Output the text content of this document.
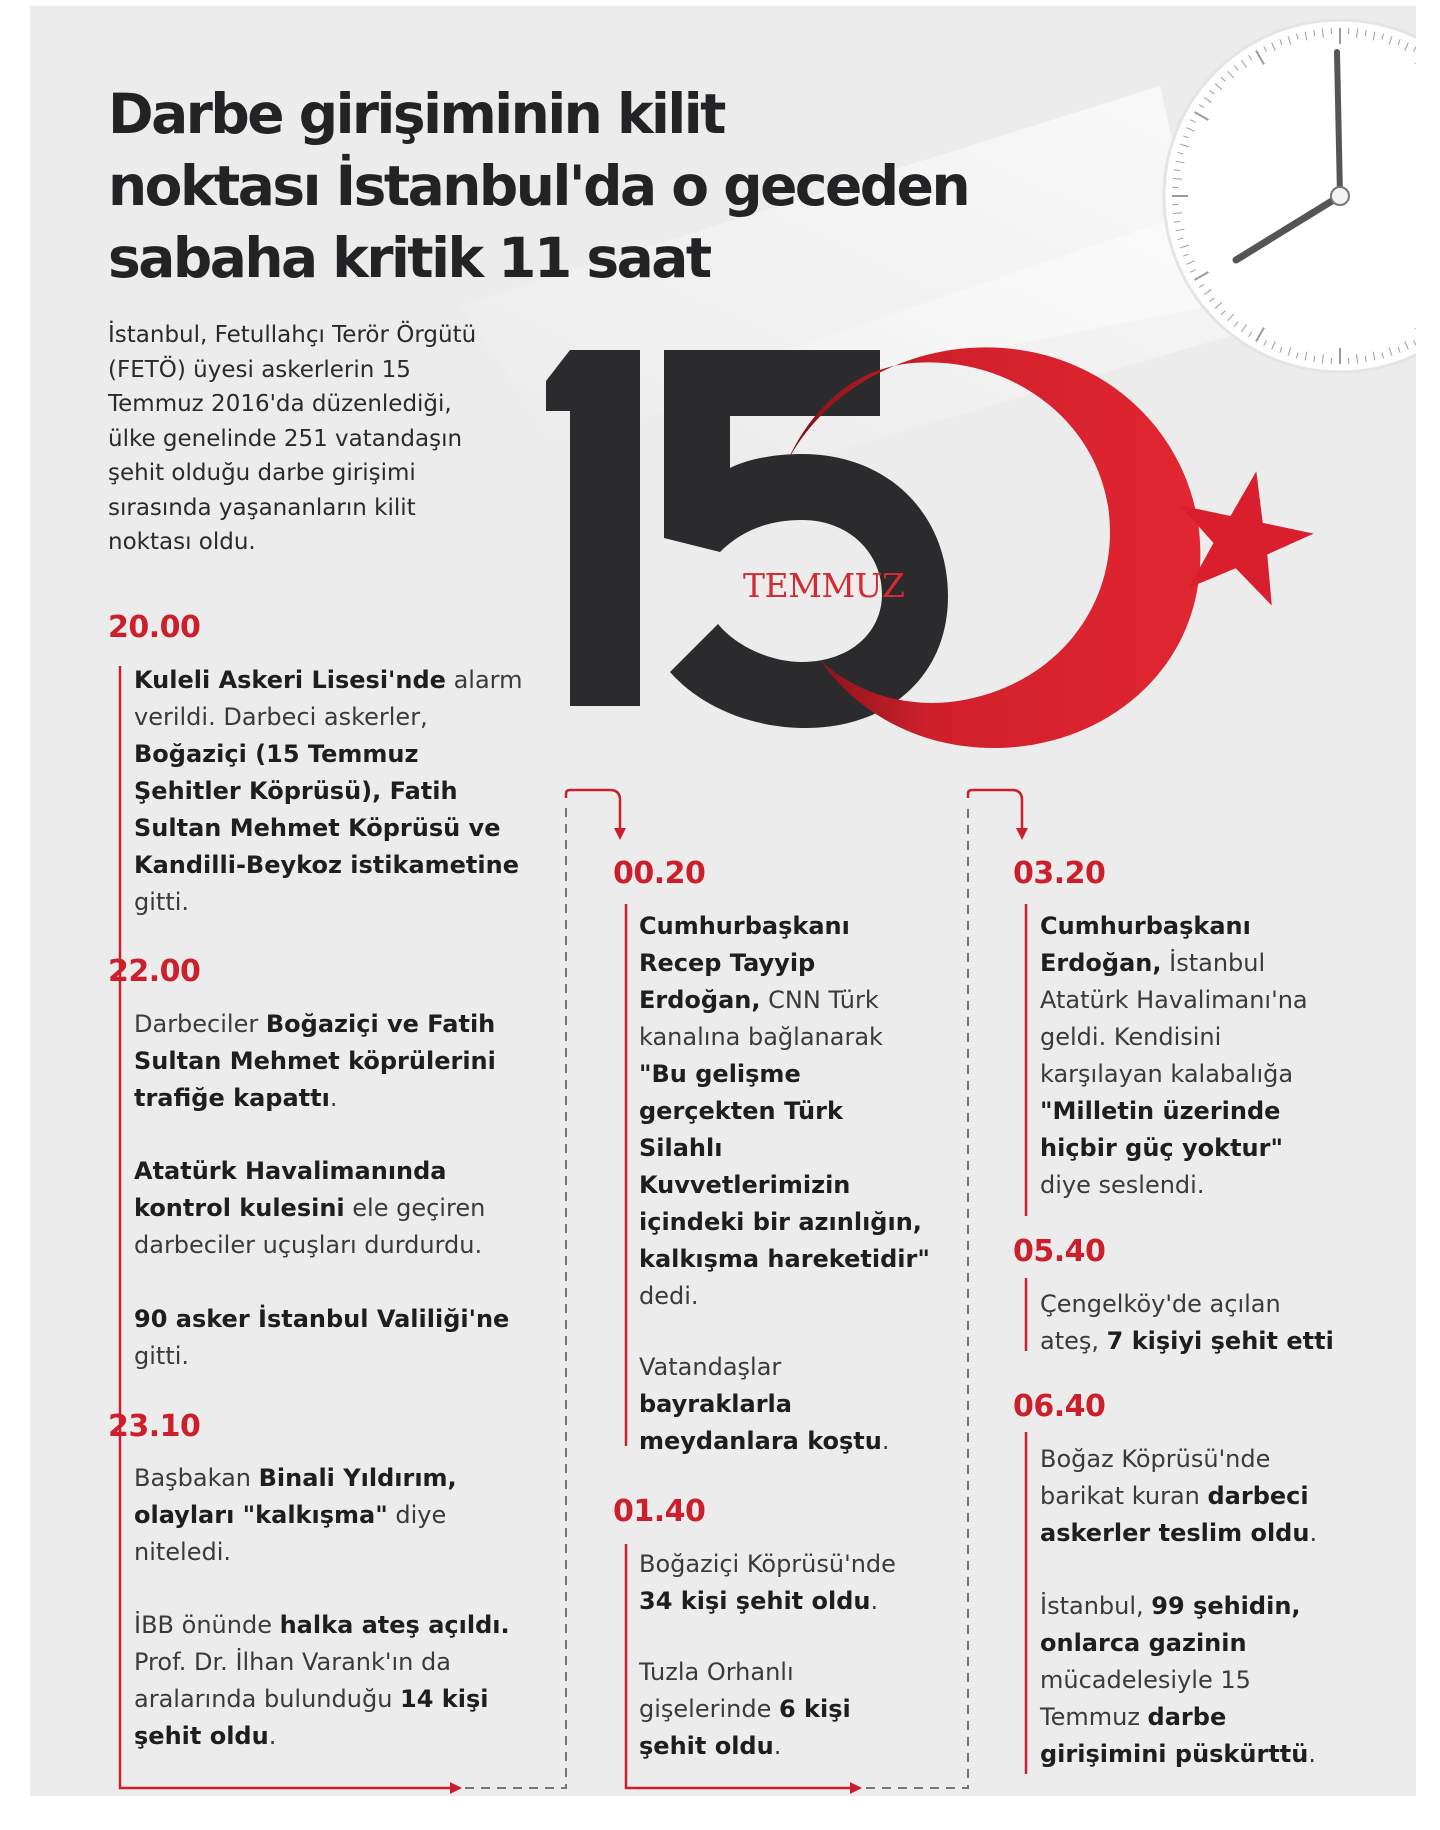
TEMMUZ
Darbe girişiminin kilit
noktası İstanbul'da o geceden
sabaha kritik 11 saat

İstanbul, Fetullahçı Terör Örgütü
(FETÖ) üyesi askerlerin 15
Temmuz 2016'da düzenlediği,
ülke genelinde 251 vatandaşın
şehit olduğu darbe girişimi
sırasında yaşananların kilit
noktası oldu.

20.00

Kuleli Askeri Lisesi'nde alarm
verildi. Darbeci askerler,
Boğaziçi (15 Temmuz
Şehitler Köprüsü), Fatih
Sultan Mehmet Köprüsü ve
Kandilli-Beykoz istikametine
gitti.

22.00

Darbeciler Boğaziçi ve Fatih
Sultan Mehmet köprülerini
trafiğe kapattı.

Atatürk Havalimanında
kontrol kulesini ele geçiren
darbeciler uçuşları durdurdu.

90 asker İstanbul Valiliği'ne
gitti.

23.10

Başbakan Binali Yıldırım,
olayları "kalkışma" diye
niteledi.

İBB önünde halka ateş açıldı.
Prof. Dr. İlhan Varank'ın da
aralarında bulunduğu 14 kişi
şehit oldu.

00.20

Cumhurbaşkanı
Recep Tayyip
Erdoğan, CNN Türk
kanalına bağlanarak
"Bu gelişme
gerçekten Türk
Silahlı
Kuvvetlerimizin
içindeki bir azınlığın,
kalkışma hareketidir"
dedi.

Vatandaşlar
bayraklarla
meydanlara koştu.

01.40

Boğaziçi Köprüsü'nde
34 kişi şehit oldu.

Tuzla Orhanlı
gişelerinde 6 kişi
şehit oldu.

03.20

Cumhurbaşkanı
Erdoğan, İstanbul
Atatürk Havalimanı'na
geldi. Kendisini
karşılayan kalabalığa
"Milletin üzerinde
hiçbir güç yoktur"
diye seslendi.

05.40

Çengelköy'de açılan
ateş, 7 kişiyi şehit etti

06.40

Boğaz Köprüsü'nde
barikat kuran darbeci
askerler teslim oldu.

İstanbul, 99 şehidin,
onlarca gazinin
mücadelesiyle 15
Temmuz darbe
girişimini püskürttü.
